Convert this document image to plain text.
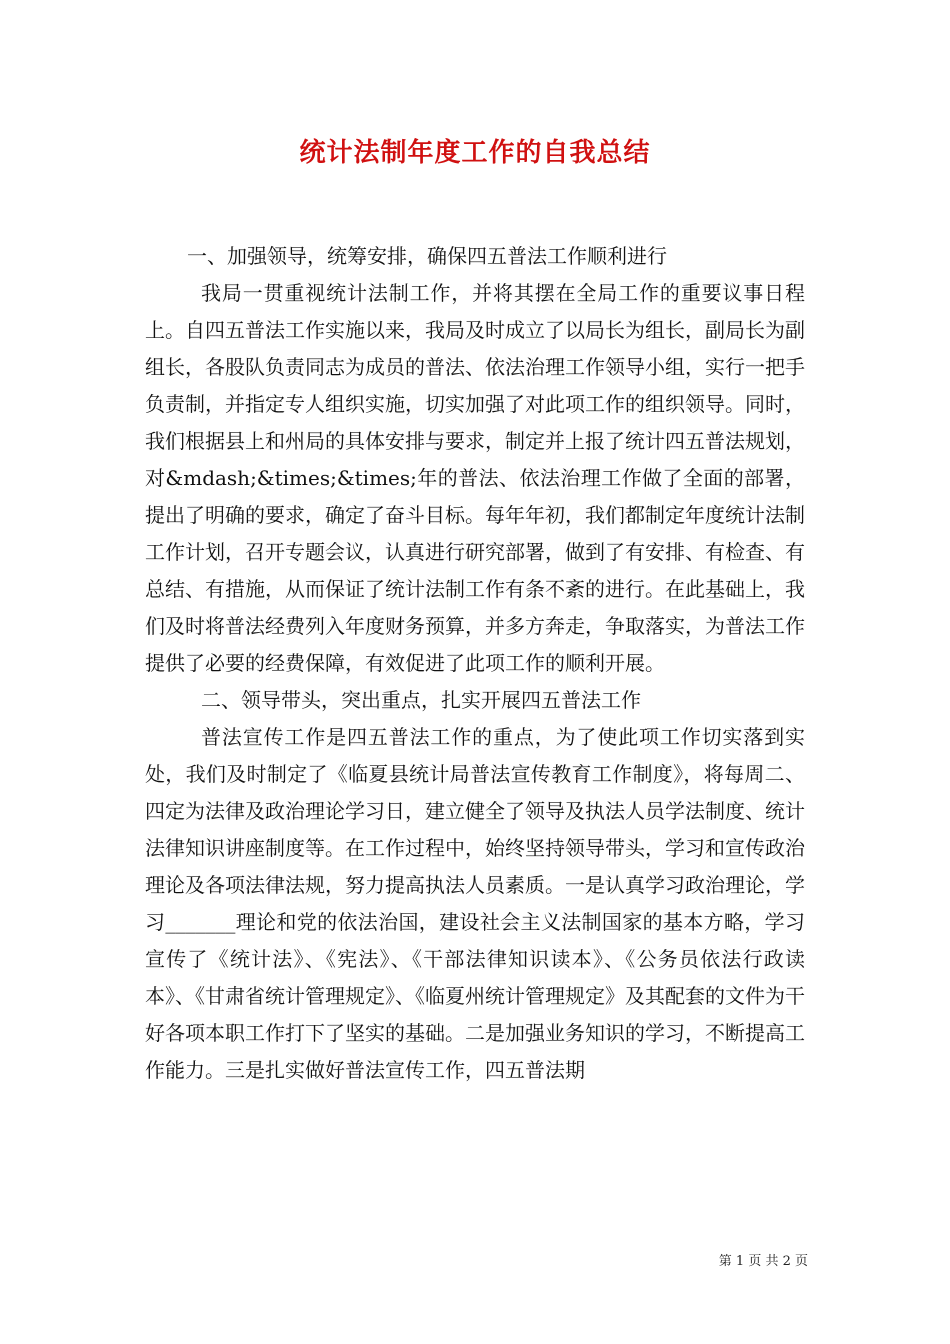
统计法制年度工作的自我总结

一、加强领导，统筹安排，确保四五普法工作顺利进行

我局一贯重视统计法制工作，并将其摆在全局工作的重要议事日程上。自四五普法工作实施以来，我局及时成立了以局长为组长，副局长为副组长，各股队负责同志为成员的普法、依法治理工作领导小组，实行一把手负责制，并指定专人组织实施，切实加强了对此项工作的组织领导。同时，我们根据县上和州局的具体安排与要求，制定并上报了统计四五普法规划，对&mdash;&times;&times;年的普法、依法治理工作做了全面的部署，提出了明确的要求，确定了奋斗目标。每年年初，我们都制定年度统计法制工作计划，召开专题会议，认真进行研究部署，做到了有安排、有检查、有总结、有措施，从而保证了统计法制工作有条不紊的进行。在此基础上，我们及时将普法经费列入年度财务预算，并多方奔走，争取落实，为普法工作提供了必要的经费保障，有效促进了此项工作的顺利开展。

二、领导带头，突出重点，扎实开展四五普法工作

普法宣传工作是四五普法工作的重点，为了使此项工作切实落到实处，我们及时制定了《临夏县统计局普法宣传教育工作制度》，将每周二、四定为法律及政治理论学习日，建立健全了领导及执法人员学法制度、统计法律知识讲座制度等。在工作过程中，始终坚持领导带头，学习和宣传政治理论及各项法律法规，努力提高执法人员素质。一是认真学习政治理论，学习_______理论和党的依法治国，建设社会主义法制国家的基本方略，学习宣传了《统计法》、《宪法》、《干部法律知识读本》、《公务员依法行政读本》、《甘肃省统计管理规定》、《临夏州统计管理规定》及其配套的文件为干好各项本职工作打下了坚实的基础。二是加强业务知识的学习，不断提高工作能力。三是扎实做好普法宣传工作，四五普法期

第 1 页 共 2 页
